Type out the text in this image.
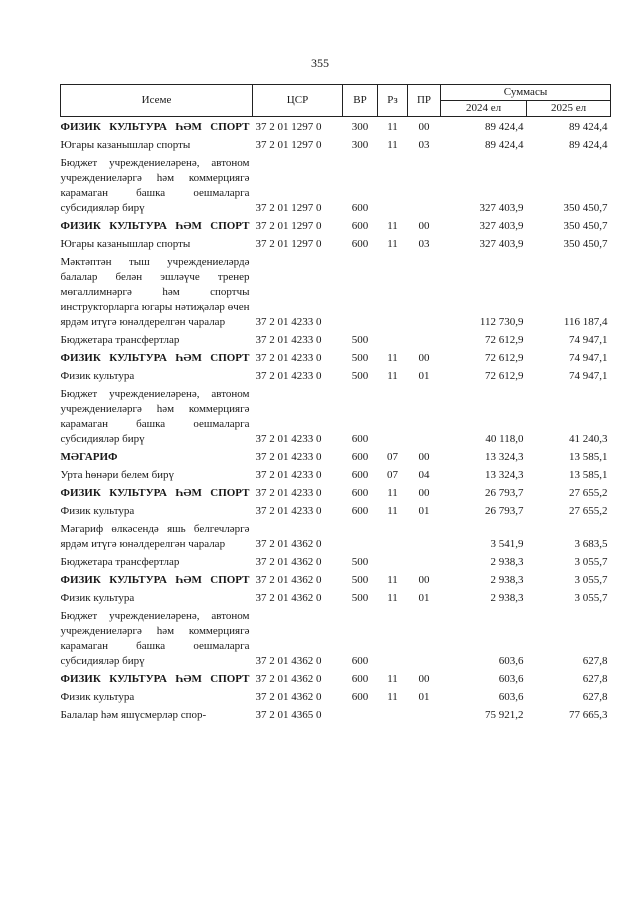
355
Исеме	ЦСР	ВР	Рз	ПР	Суммасы	
					2024 ел	2025 ел
ФИЗИК КУЛЬТУРА ҺӘМ СПОРТ	37 2 01 1297 0	300	11	00	89 424,4	89 424,4
Югары казанышлар спорты	37 2 01 1297 0	300	11	03	89 424,4	89 424,4
Бюджет учреждениеләренә, автоном учреждениеләргә һәм коммерциягә карамаган башка оешмаларга субсидияләр бирү	37 2 01 1297 0	600			327 403,9	350 450,7
ФИЗИК КУЛЬТУРА ҺӘМ СПОРТ	37 2 01 1297 0	600	11	00	327 403,9	350 450,7
Югары казанышлар спорты	37 2 01 1297 0	600	11	03	327 403,9	350 450,7
Мәктәптән тыш учреждениеләрдә балалар белән эшләүче тренер мөгаллимнәргә һәм спортчы инструкторларга югары нәтиҗәләр өчен ярдәм итүгә юнәлдерелгән чаралар	37 2 01 4233 0				112 730,9	116 187,4
Бюджетара трансфертлар	37 2 01 4233 0	500			72 612,9	74 947,1
ФИЗИК КУЛЬТУРА ҺӘМ СПОРТ	37 2 01 4233 0	500	11	00	72 612,9	74 947,1
Физик культура	37 2 01 4233 0	500	11	01	72 612,9	74 947,1
Бюджет учреждениеләренә, автоном учреждениеләргә һәм коммерциягә карамаган башка оешмаларга субсидияләр бирү	37 2 01 4233 0	600			40 118,0	41 240,3
МӘГАРИФ	37 2 01 4233 0	600	07	00	13 324,3	13 585,1
Урта һөнәри белем бирү	37 2 01 4233 0	600	07	04	13 324,3	13 585,1
ФИЗИК КУЛЬТУРА ҺӘМ СПОРТ	37 2 01 4233 0	600	11	00	26 793,7	27 655,2
Физик культура	37 2 01 4233 0	600	11	01	26 793,7	27 655,2
Мәгариф өлкәсендә яшь белгечләргә ярдәм итүгә юнәлдерелгән чаралар	37 2 01 4362 0				3 541,9	3 683,5
Бюджетара трансфертлар	37 2 01 4362 0	500			2 938,3	3 055,7
ФИЗИК КУЛЬТУРА ҺӘМ СПОРТ	37 2 01 4362 0	500	11	00	2 938,3	3 055,7
Физик культура	37 2 01 4362 0	500	11	01	2 938,3	3 055,7
Бюджет учреждениеләренә, автоном учреждениеләргә һәм коммерциягә карамаган башка оешмаларга субсидияләр бирү	37 2 01 4362 0	600			603,6	627,8
ФИЗИК КУЛЬТУРА ҺӘМ СПОРТ	37 2 01 4362 0	600	11	00	603,6	627,8
Физик культура	37 2 01 4362 0	600	11	01	603,6	627,8
Балалар һәм яшүсмерләр спор-	37 2 01 4365 0				75 921,2	77 665,3
